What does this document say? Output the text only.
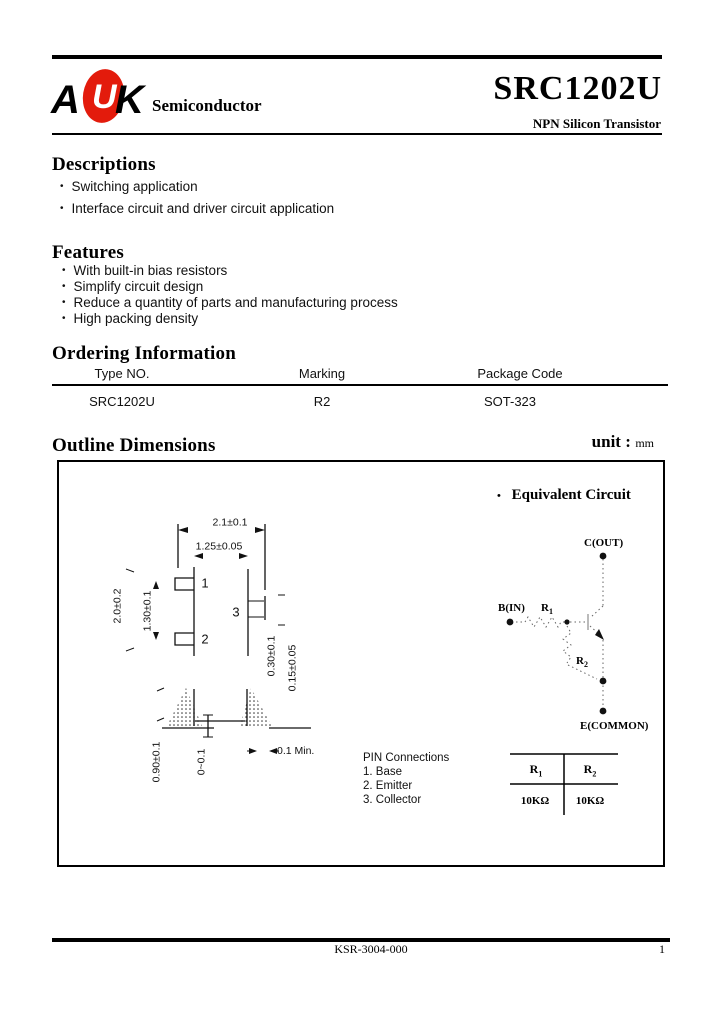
A U
K Semiconductor	SRC1202U
NPN Silicon Transistor
Descriptions
• Switching application
• Interface circuit and driver circuit application
Features
• With built-in bias resistors
• Simplify circuit design
• Reduce a quantity of parts and manufacturing process
• High packing density
Ordering Information
Type NO.	Marking	Package Code
SRC1202U	R2	SOT-323
Outline Dimensions	unit : mm
2.1±0.1
1.25±0.05
2.0±0.2 1.30±0.1
0.30±0.1 0.15±0.05
0.90±0.1	0~0.1	0.1 Min.
1
2
3
PIN Connections
1. Base
2. Emitter
3. Collector
• Equivalent Circuit
C(OUT)
B(IN) $R_1$
$R_2$
E(COMMON)
$R_1$	$R_2$
10KΩ 10KΩ
KSR-3004-000	1
